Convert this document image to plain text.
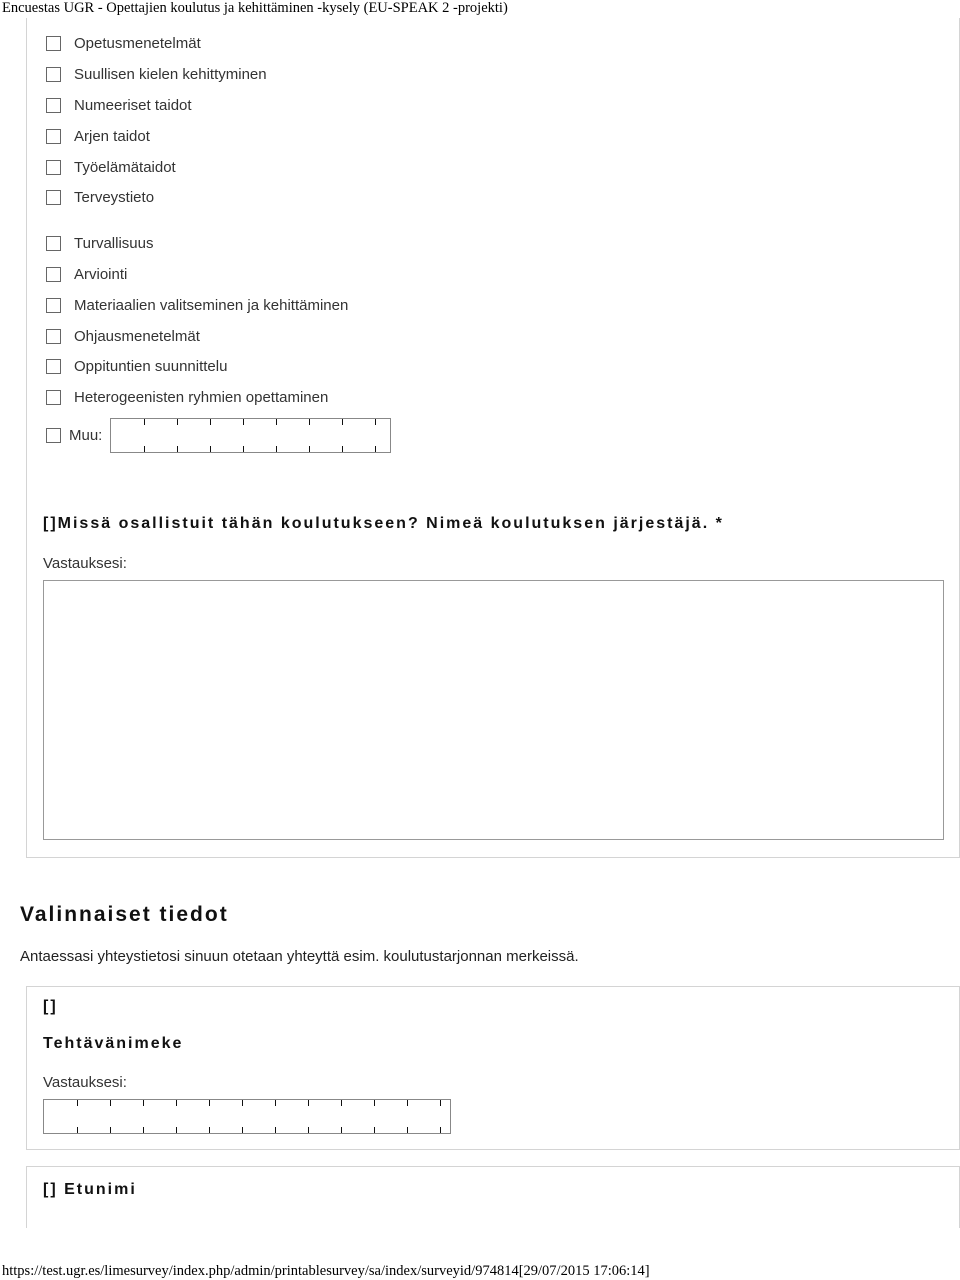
Encuestas UGR - Opettajien koulutus ja kehittäminen -kysely (EU-SPEAK 2 -projekti)
Opetusmenetelmät
Suullisen kielen kehittyminen
Numeeriset taidot
Arjen taidot
Työelämätaidot
Terveystieto
Turvallisuus
Arviointi
Materiaalien valitseminen ja kehittäminen
Ohjausmenetelmät
Oppituntien suunnittelu
Heterogeenisten ryhmien opettaminen
Muu:
[]Missä osallistuit tähän koulutukseen? Nimeä koulutuksen järjestäjä. *
Vastauksesi:
Valinnaiset tiedot
Antaessasi yhteystietosi sinuun otetaan yhteyttä esim. koulutustarjonnan merkeissä.
[]
Tehtävänimeke
Vastauksesi:
[] Etunimi
https://test.ugr.es/limesurvey/index.php/admin/printablesurvey/sa/index/surveyid/974814[29/07/2015 17:06:14]
